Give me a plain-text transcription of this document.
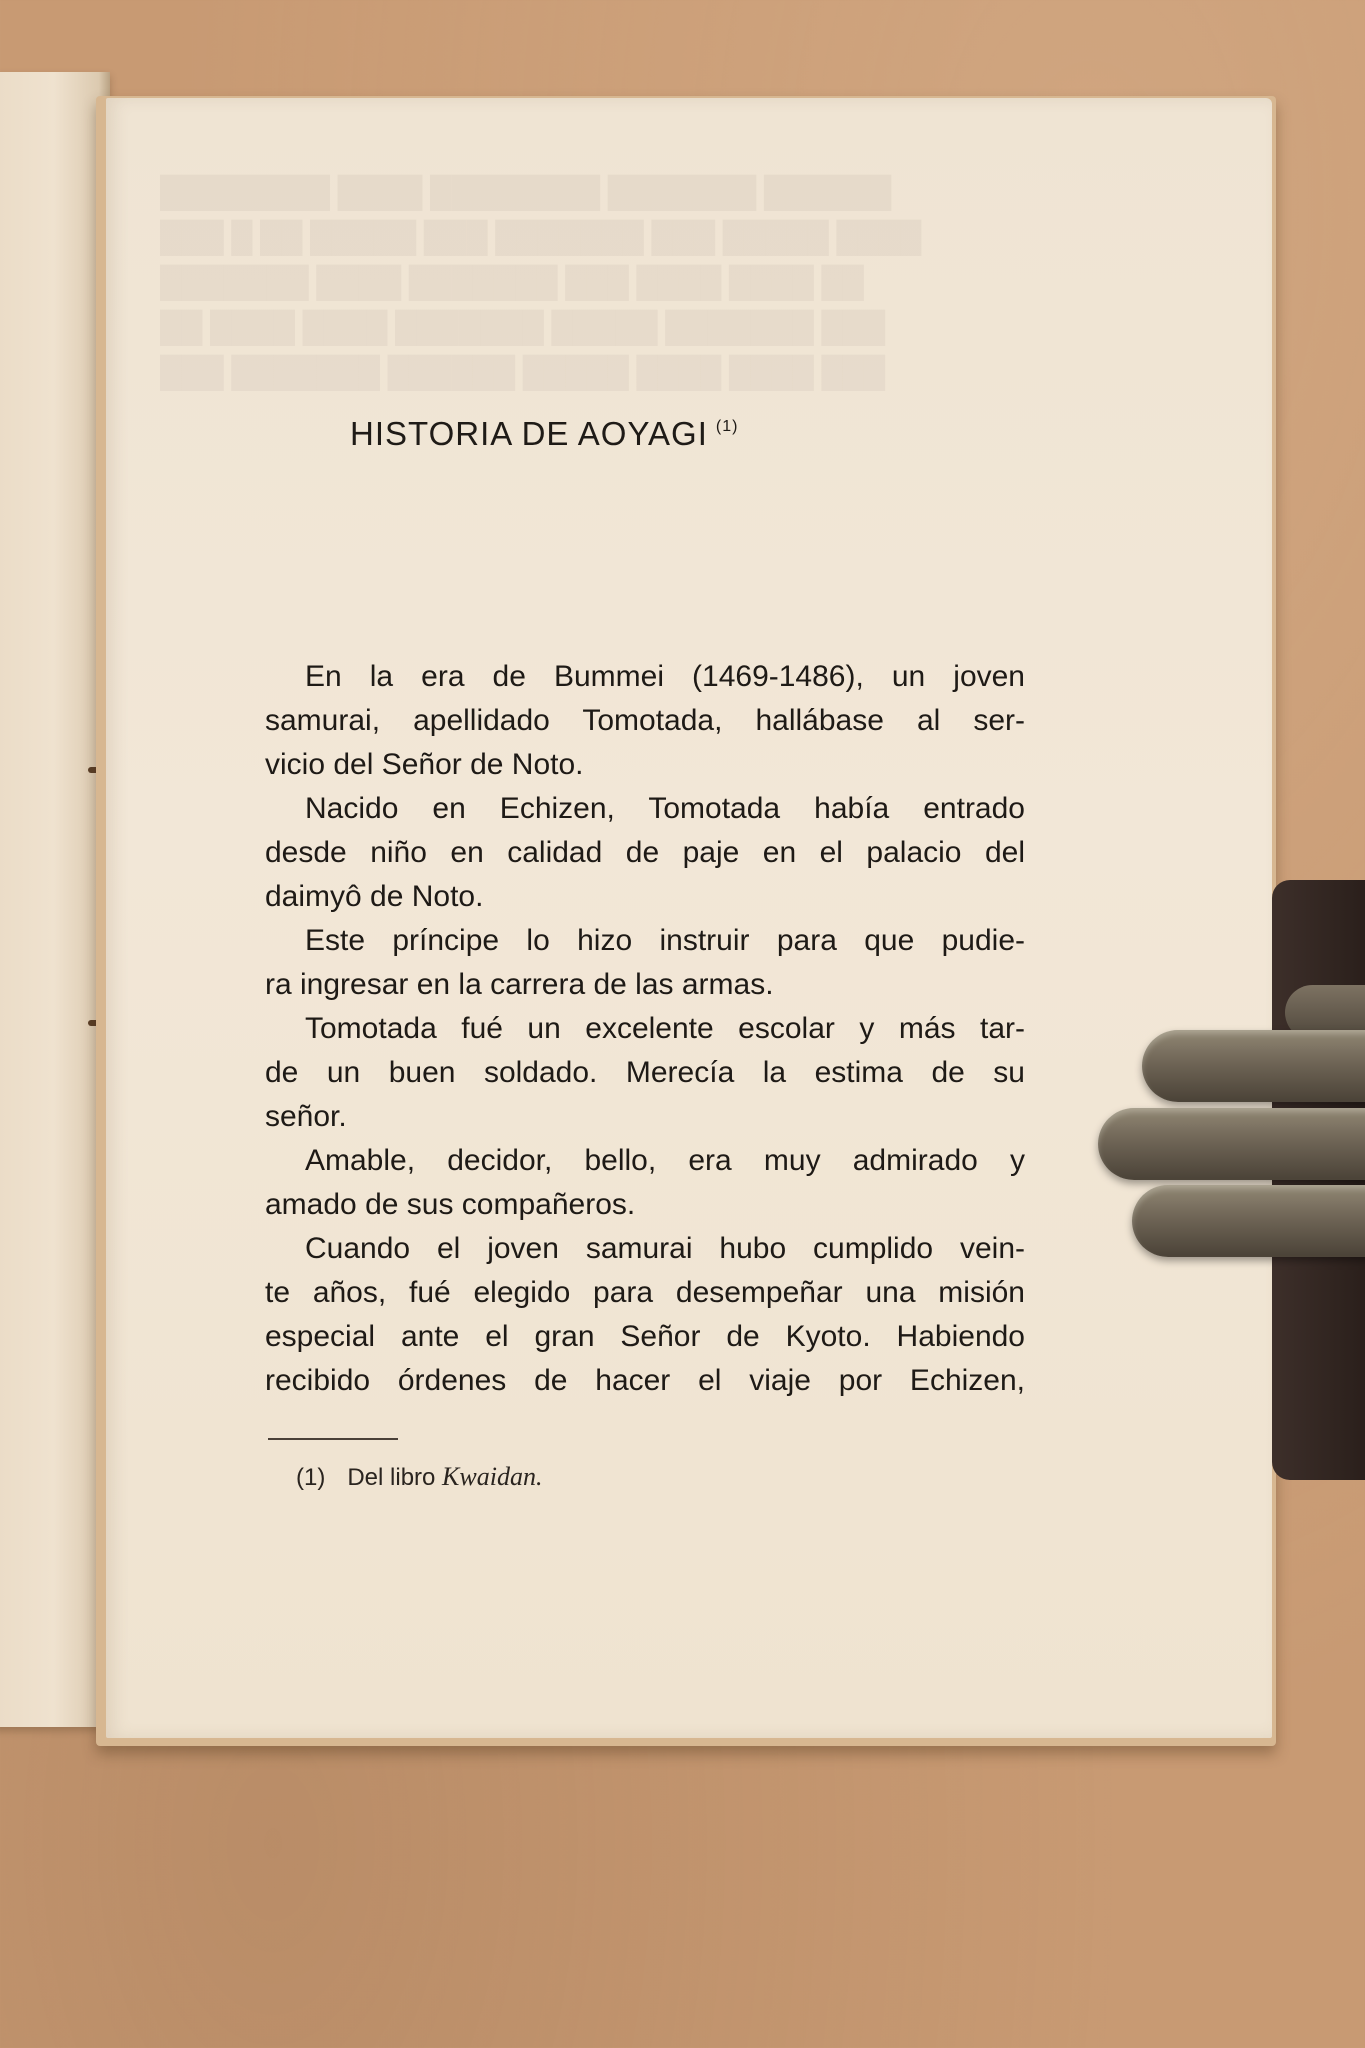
HISTORIA DE AOYAGI $^{(1)}$

En la era de Bummei (1469-1486), un joven
samurai, apellidado Tomotada, hallábase al ser-
vicio del Señor de Noto.

Nacido en Echizen, Tomotada había entrado
desde niño en calidad de paje en el palacio del
daimyô de Noto.

Este príncipe lo hizo instruir para que pudie-
ra ingresar en la carrera de las armas.

Tomotada fué un excelente escolar y más tar-
de un buen soldado. Merecía la estima de su
señor.

Amable, decidor, bello, era muy admirado y
amado de sus compañeros.

Cuando el joven samurai hubo cumplido vein-
te años, fué elegido para desempeñar una misión
especial ante el gran Señor de Kyoto. Habiendo
recibido órdenes de hacer el viaje por Echizen,

(1) Del libro Kwaidan.
